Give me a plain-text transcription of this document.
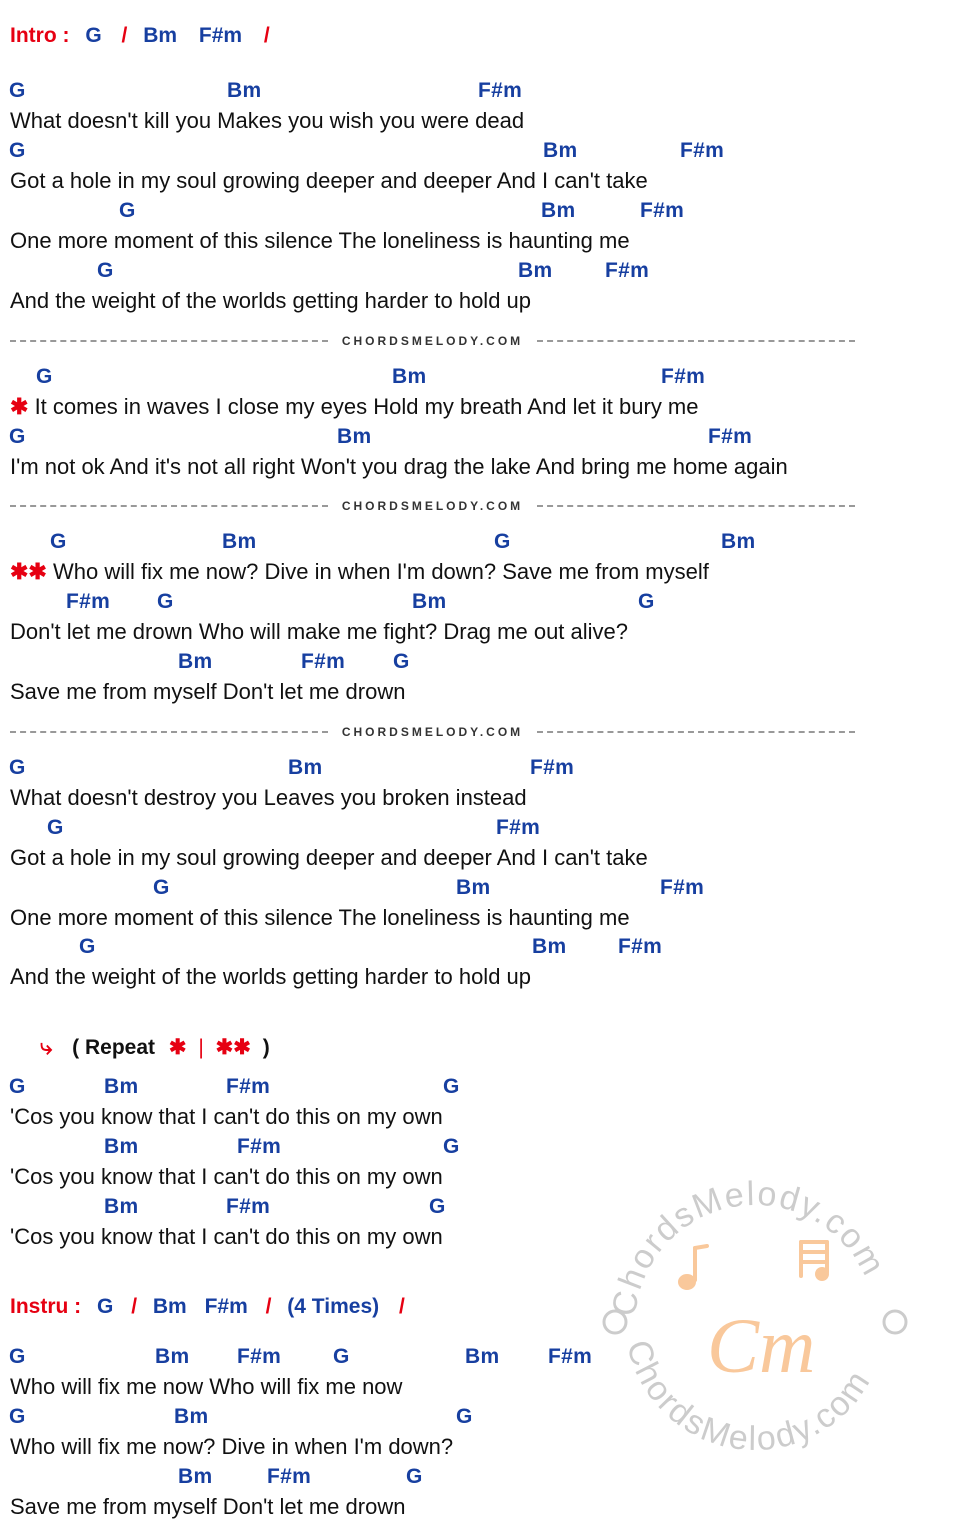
Intro : G / Bm F#m /
G	Bm	F#m
What doesn't kill you Makes you wish you were dead
G	Bm	F#m
Got a hole in my soul growing deeper and deeper And I can't take
G	Bm	F#m
One more moment of this silence The loneliness is haunting me
G	Bm	F#m
And the weight of the worlds getting harder to hold up
CHORDSMELODY.COM
G	Bm	F#m
✱ It comes in waves I close my eyes Hold my breath And let it bury me
G	Bm	F#m
I'm not ok And it's not all right Won't you drag the lake And bring me home again
CHORDSMELODY.COM
G	Bm	G	Bm
✱✱ Who will fix me now? Dive in when I'm down? Save me from myself
F#m G	Bm	G
Don't let me drown Who will make me fight? Drag me out alive?
Bm	F#m G
Save me from myself Don't let me drown
CHORDSMELODY.COM
G	Bm	F#m
What doesn't destroy you Leaves you broken instead
G	F#m
Got a hole in my soul growing deeper and deeper And I can't take
G	Bm	F#m
One more moment of this silence The loneliness is haunting me
G	Bm F#m
And the weight of the worlds getting harder to hold up
⤷ ( Repeat ✱ | ✱✱ )
G	Bm	F#m	G
'Cos you know that I can't do this on my own
Bm	F#m	G
'Cos you know that I can't do this on my own
Bm	F#m	G
'Cos you know that I can't do this on my own
Instru : G / Bm F#m / (4 Times) /
G	Bm F#m G	Bm F#m
Who will fix me now Who will fix me now
G	Bm	G
Who will fix me now? Dive in when I'm down?
Bm	F#m	G
Save me from myself Don't let me drown
ChordsMelody.com
ChordsMelody.com
Cm
